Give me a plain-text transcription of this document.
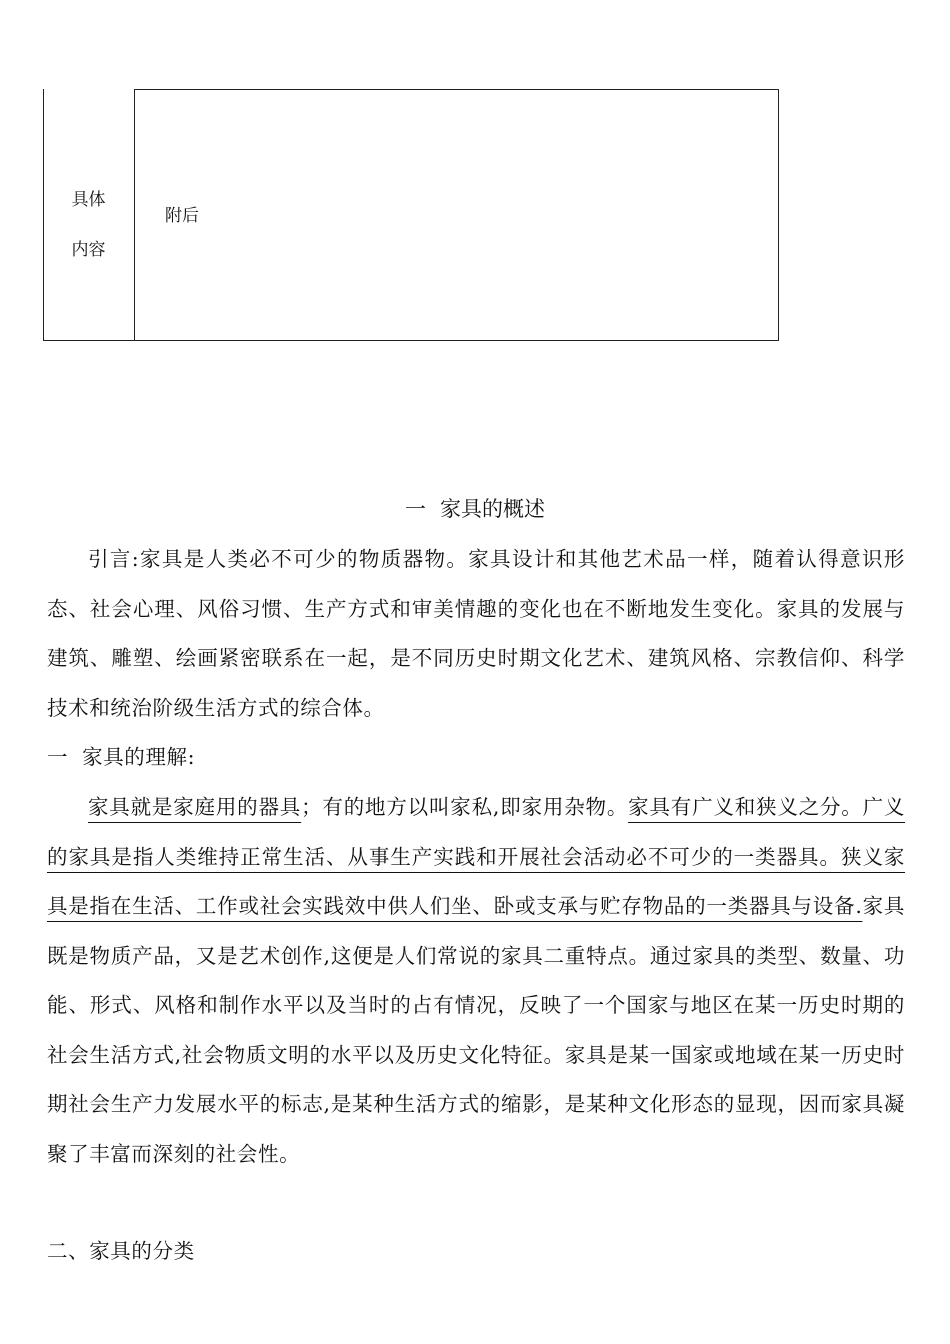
具体
内容
附后
一 家具的概述
引言:家具是人类必不可少的物质器物。家具设计和其他艺术品一样，随着认得意识形态、社会心理、风俗习惯、生产方式和审美情趣的变化也在不断地发生变化。家具的发展与建筑、雕塑、绘画紧密联系在一起，是不同历史时期文化艺术、建筑风格、宗教信仰、科学技术和统治阶级生活方式的综合体。
一 家具的理解:
家具就是家庭用的器具；有的地方以叫家私,即家用杂物。家具有广义和狭义之分。广义的家具是指人类维持正常生活、从事生产实践和开展社会活动必不可少的一类器具。狭义家具是指在生活、工作或社会实践效中供人们坐、卧或支承与贮存物品的一类器具与设备.家具既是物质产品，又是艺术创作,这便是人们常说的家具二重特点。通过家具的类型、数量、功能、形式、风格和制作水平以及当时的占有情况，反映了一个国家与地区在某一历史时期的社会生活方式,社会物质文明的水平以及历史文化特征。家具是某一国家或地域在某一历史时期社会生产力发展水平的标志,是某种生活方式的缩影，是某种文化形态的显现，因而家具凝聚了丰富而深刻的社会性。
二、家具的分类
